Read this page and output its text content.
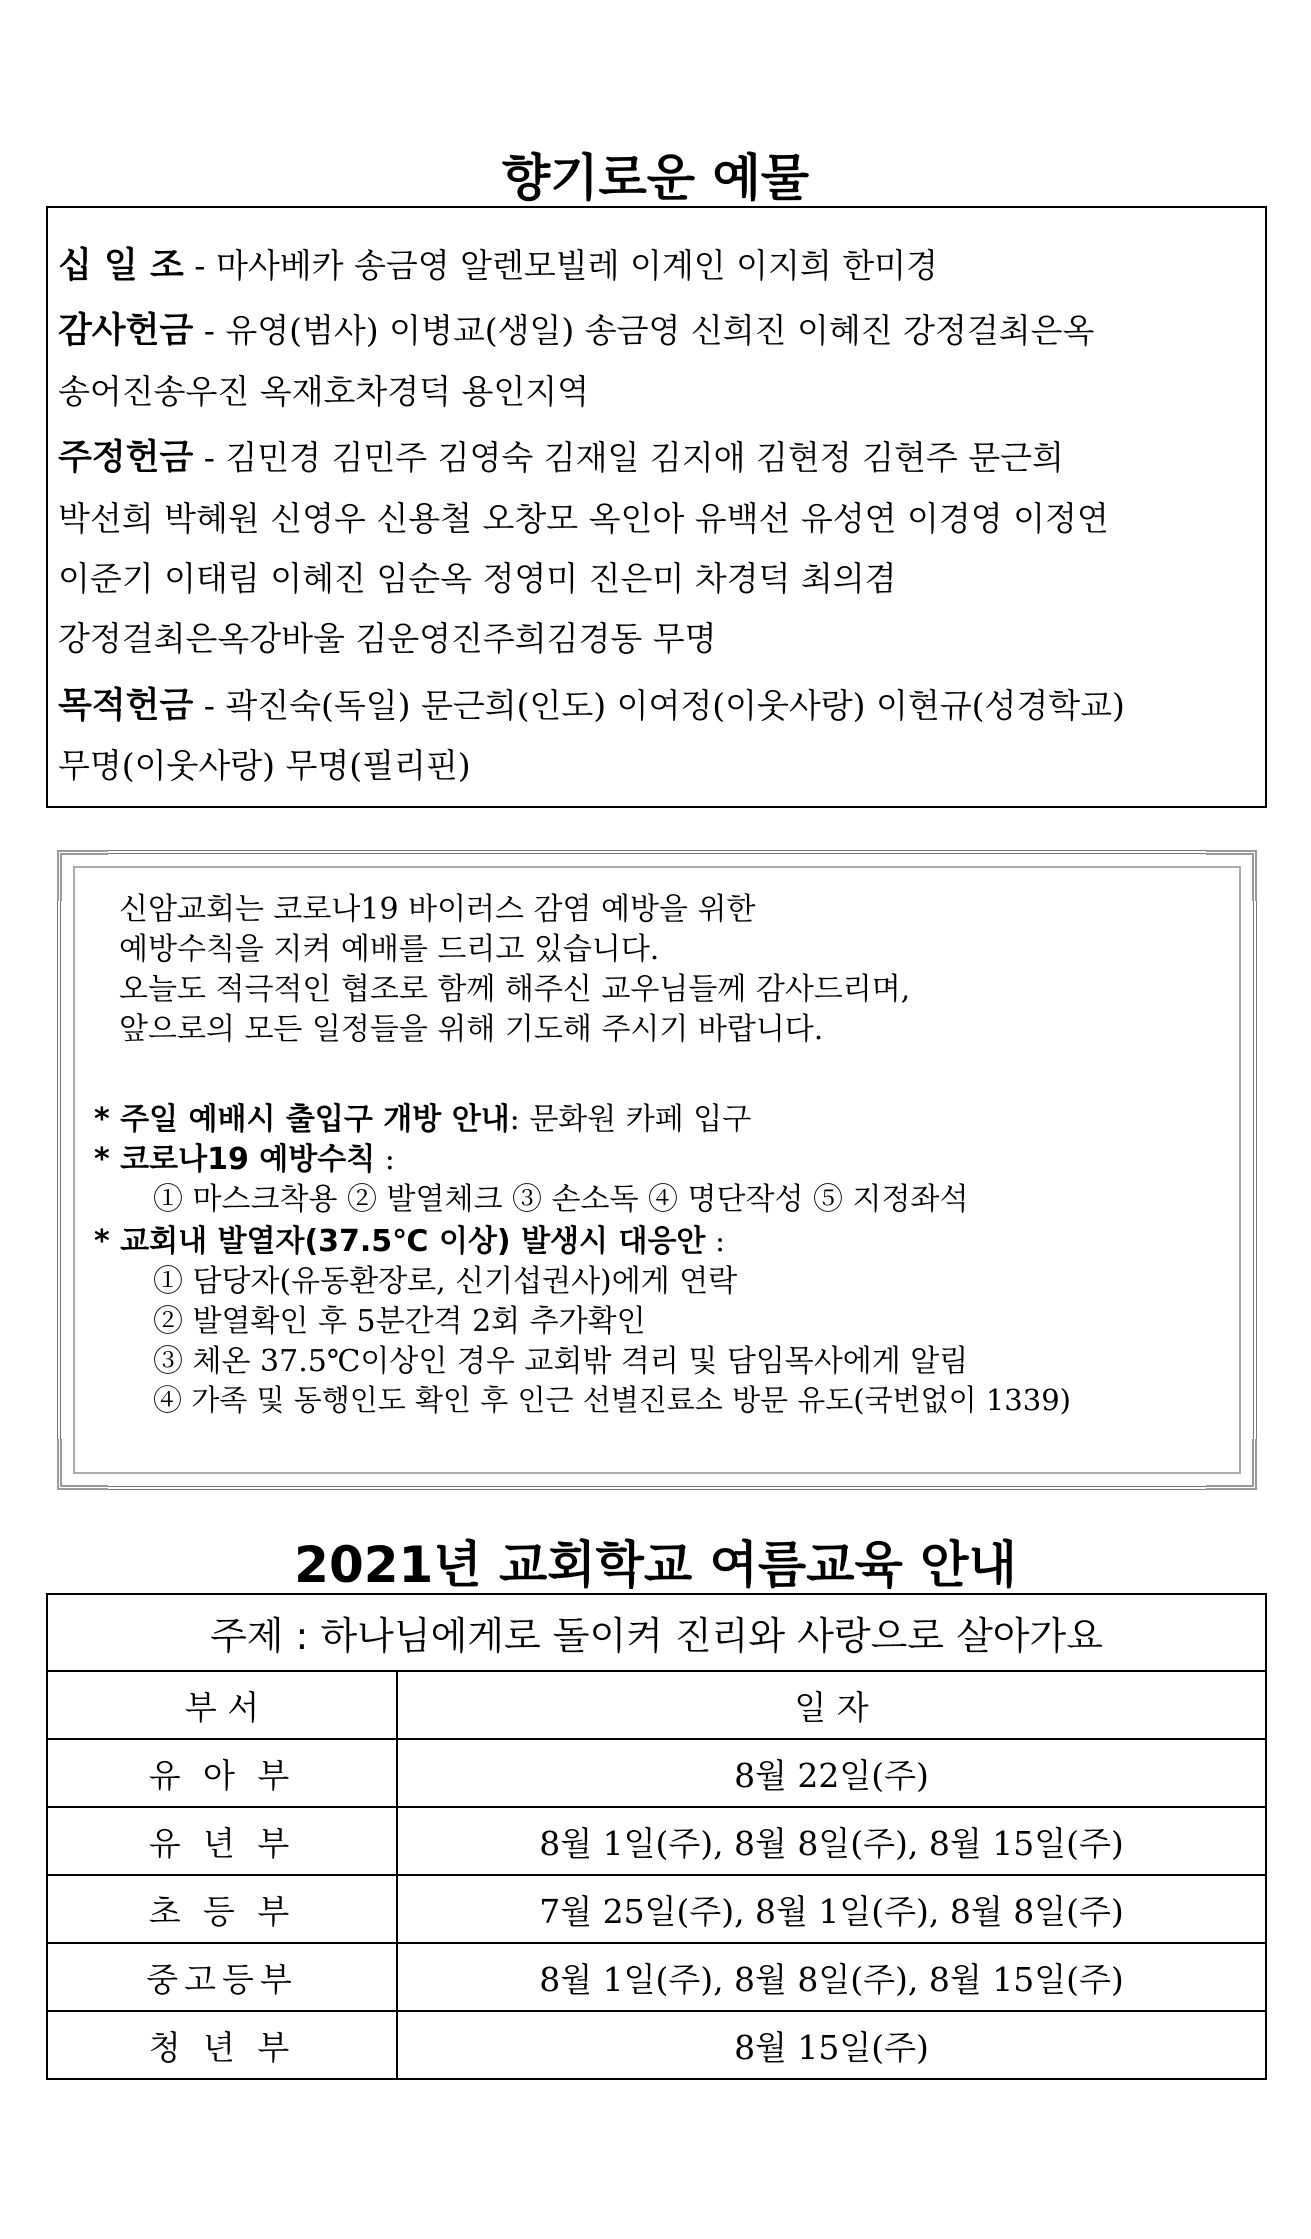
향기로운 예물
십 일 조 - 마사베카 송금영 알렌모빌레 이계인 이지희 한미경
감사헌금 - 유영(범사) 이병교(생일) 송금영 신희진 이혜진 강정걸최은옥
송어진송우진 옥재호차경덕 용인지역
주정헌금 - 김민경 김민주 김영숙 김재일 김지애 김현정 김현주 문근희
박선희 박혜원 신영우 신용철 오창모 옥인아 유백선 유성연 이경영 이정연
이준기 이태림 이혜진 임순옥 정영미 진은미 차경덕 최의겸
강정걸최은옥강바울 김운영진주희김경동 무명
목적헌금 - 곽진숙(독일) 문근희(인도) 이여정(이웃사랑) 이현규(성경학교)
무명(이웃사랑) 무명(필리핀)
신암교회는 코로나19 바이러스 감염 예방을 위한
예방수칙을 지켜 예배를 드리고 있습니다.
오늘도 적극적인 협조로 함께 해주신 교우님들께 감사드리며,
앞으로의 모든 일정들을 위해 기도해 주시기 바랍니다.
* 주일 예배시 출입구 개방 안내: 문화원 카페 입구
* 코로나19 예방수칙 :
① 마스크착용 ② 발열체크 ③ 손소독 ④ 명단작성 ⑤ 지정좌석
* 교회내 발열자(37.5℃ 이상) 발생시 대응안 :
① 담당자(유동환장로, 신기섭권사)에게 연락
② 발열확인 후 5분간격 2회 추가확인
③ 체온 37.5℃이상인 경우 교회밖 격리 및 담임목사에게 알림
④ 가족 및 동행인도 확인 후 인근 선별진료소 방문 유도(국번없이 1339)
2021년 교회학교 여름교육 안내
주제 : 하나님에게로 돌이켜 진리와 사랑으로 살아가요	
부 서	일 자
유 아 부	8월 22일(주)
유 년 부	8월 1일(주), 8월 8일(주), 8월 15일(주)
초 등 부	7월 25일(주), 8월 1일(주), 8월 8일(주)
중고등부	8월 1일(주), 8월 8일(주), 8월 15일(주)
청 년 부	8월 15일(주)
